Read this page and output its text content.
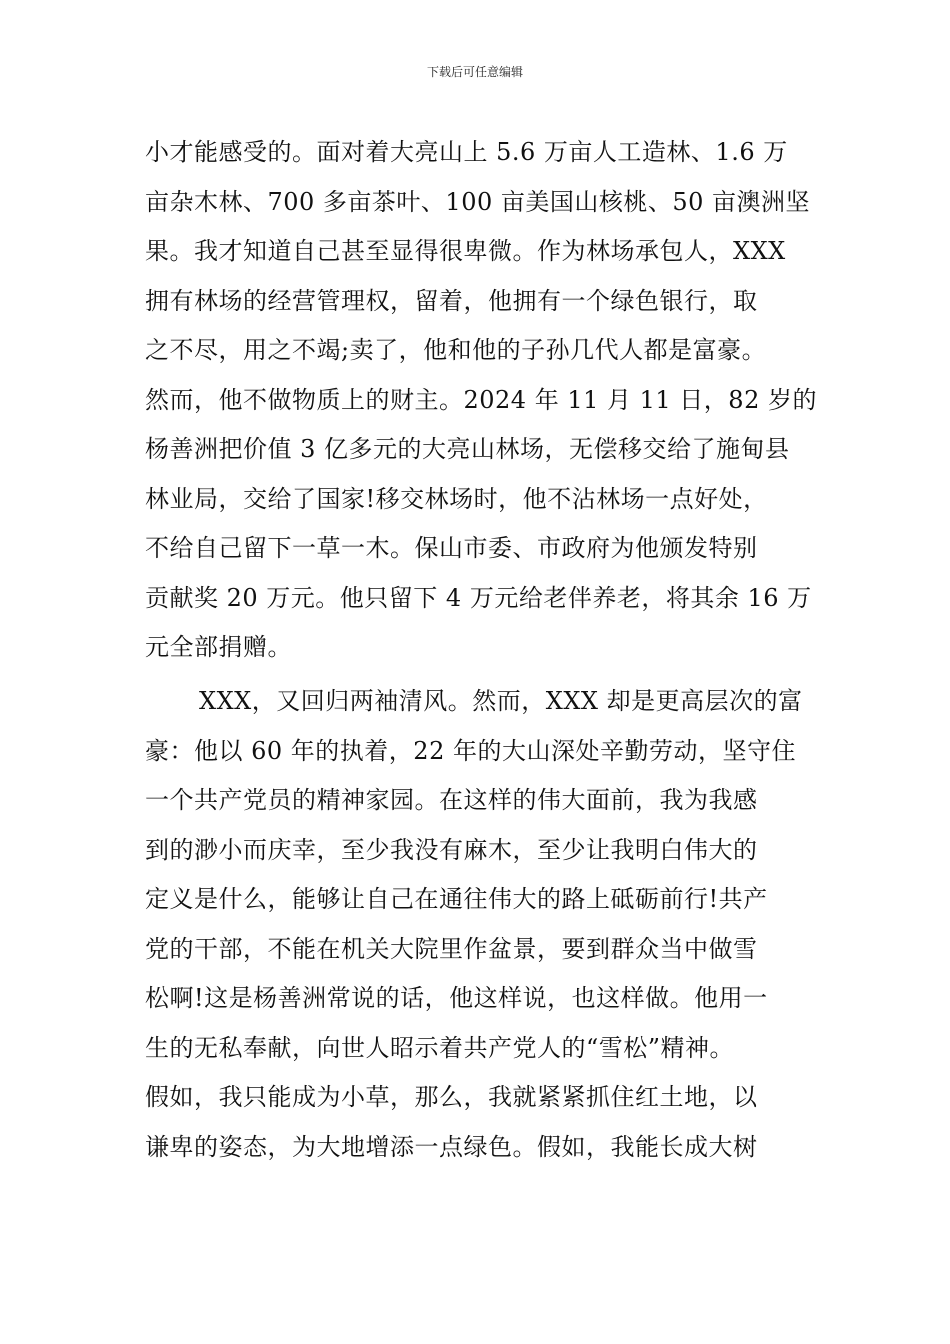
下载后可任意编辑

小才能感受的。面对着大亮山上 5.6 万亩人工造林、1.6 万
亩杂木林、700 多亩茶叶、100 亩美国山核桃、50 亩澳洲坚
果。我才知道自己甚至显得很卑微。作为林场承包人，XXX
拥有林场的经营管理权，留着，他拥有一个绿色银行，取
之不尽，用之不竭;卖了，他和他的子孙几代人都是富豪。
然而，他不做物质上的财主。2024 年 11 月 11 日，82 岁的
杨善洲把价值 3 亿多元的大亮山林场，无偿移交给了施甸县
林业局，交给了国家!移交林场时，他不沾林场一点好处，
不给自己留下一草一木。保山市委、市政府为他颁发特别
贡献奖 20 万元。他只留下 4 万元给老伴养老，将其余 16 万
元全部捐赠。

XXX，又回归两袖清风。然而，XXX 却是更高层次的富
豪：他以 60 年的执着，22 年的大山深处辛勤劳动，坚守住
一个共产党员的精神家园。在这样的伟大面前，我为我感
到的渺小而庆幸，至少我没有麻木，至少让我明白伟大的
定义是什么，能够让自己在通往伟大的路上砥砺前行!共产
党的干部，不能在机关大院里作盆景，要到群众当中做雪
松啊!这是杨善洲常说的话，他这样说，也这样做。他用一
生的无私奉献，向世人昭示着共产党人的“雪松”精神。
假如，我只能成为小草，那么，我就紧紧抓住红土地，以
谦卑的姿态，为大地增添一点绿色。假如，我能长成大树
